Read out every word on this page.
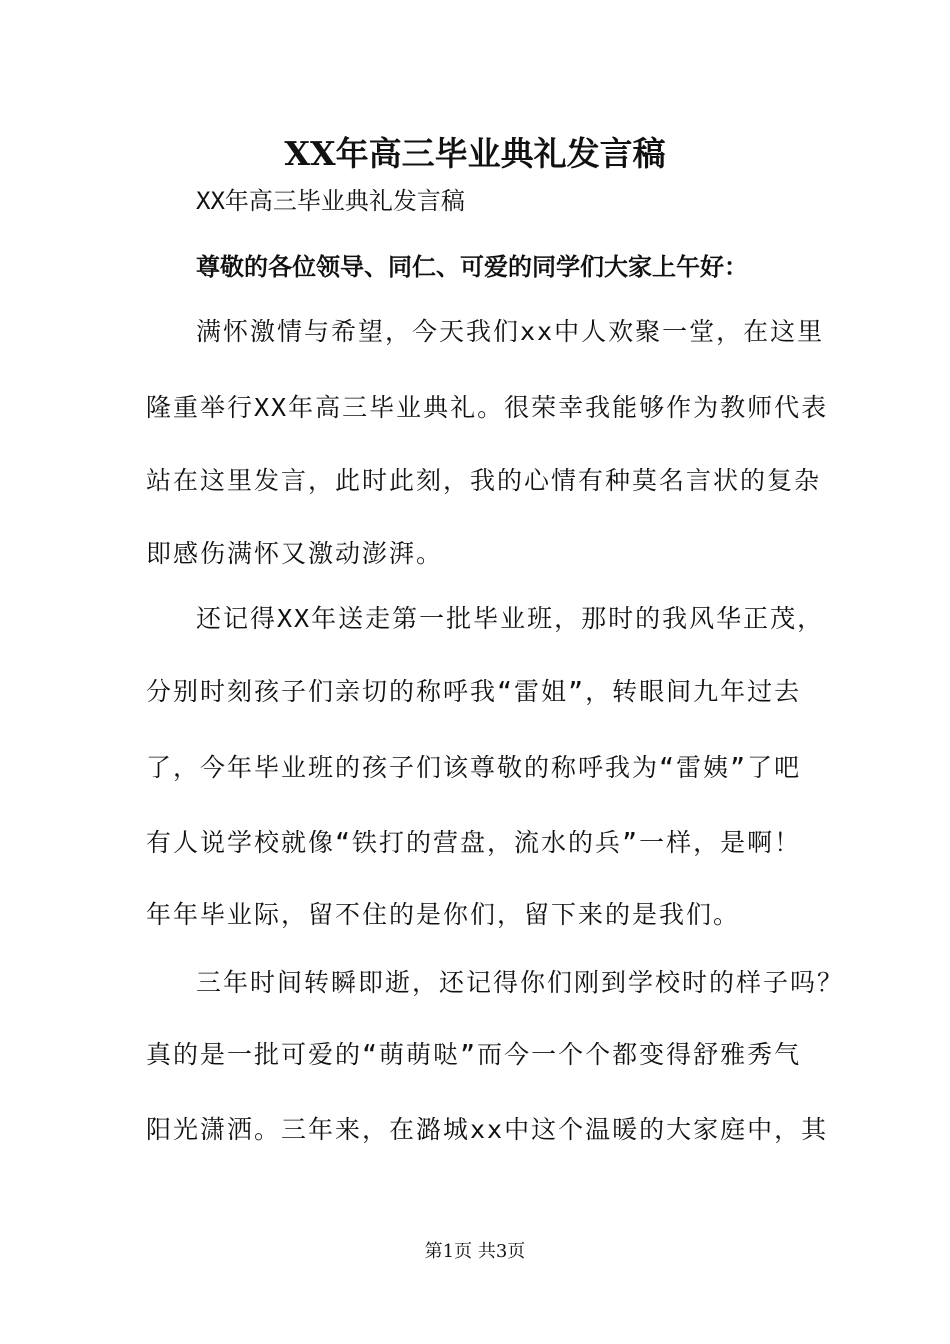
XX年高三毕业典礼发言稿
XX年高三毕业典礼发言稿
尊敬的各位领导、同仁、可爱的同学们大家上午好：
满怀激情与希望，今天我们xx中人欢聚一堂，在这里
隆重举行XX年高三毕业典礼。很荣幸我能够作为教师代表
站在这里发言，此时此刻，我的心情有种莫名言状的复杂
即感伤满怀又激动澎湃。
还记得XX年送走第一批毕业班，那时的我风华正茂，
分别时刻孩子们亲切的称呼我“雷姐”，转眼间九年过去
了，今年毕业班的孩子们该尊敬的称呼我为“雷姨”了吧
有人说学校就像“铁打的营盘，流水的兵”一样，是啊！
年年毕业际，留不住的是你们，留下来的是我们。
三年时间转瞬即逝，还记得你们刚到学校时的样子吗？
真的是一批可爱的“萌萌哒”而今一个个都变得舒雅秀气
阳光潇洒。三年来，在潞城xx中这个温暖的大家庭中，其
第1页 共3页
